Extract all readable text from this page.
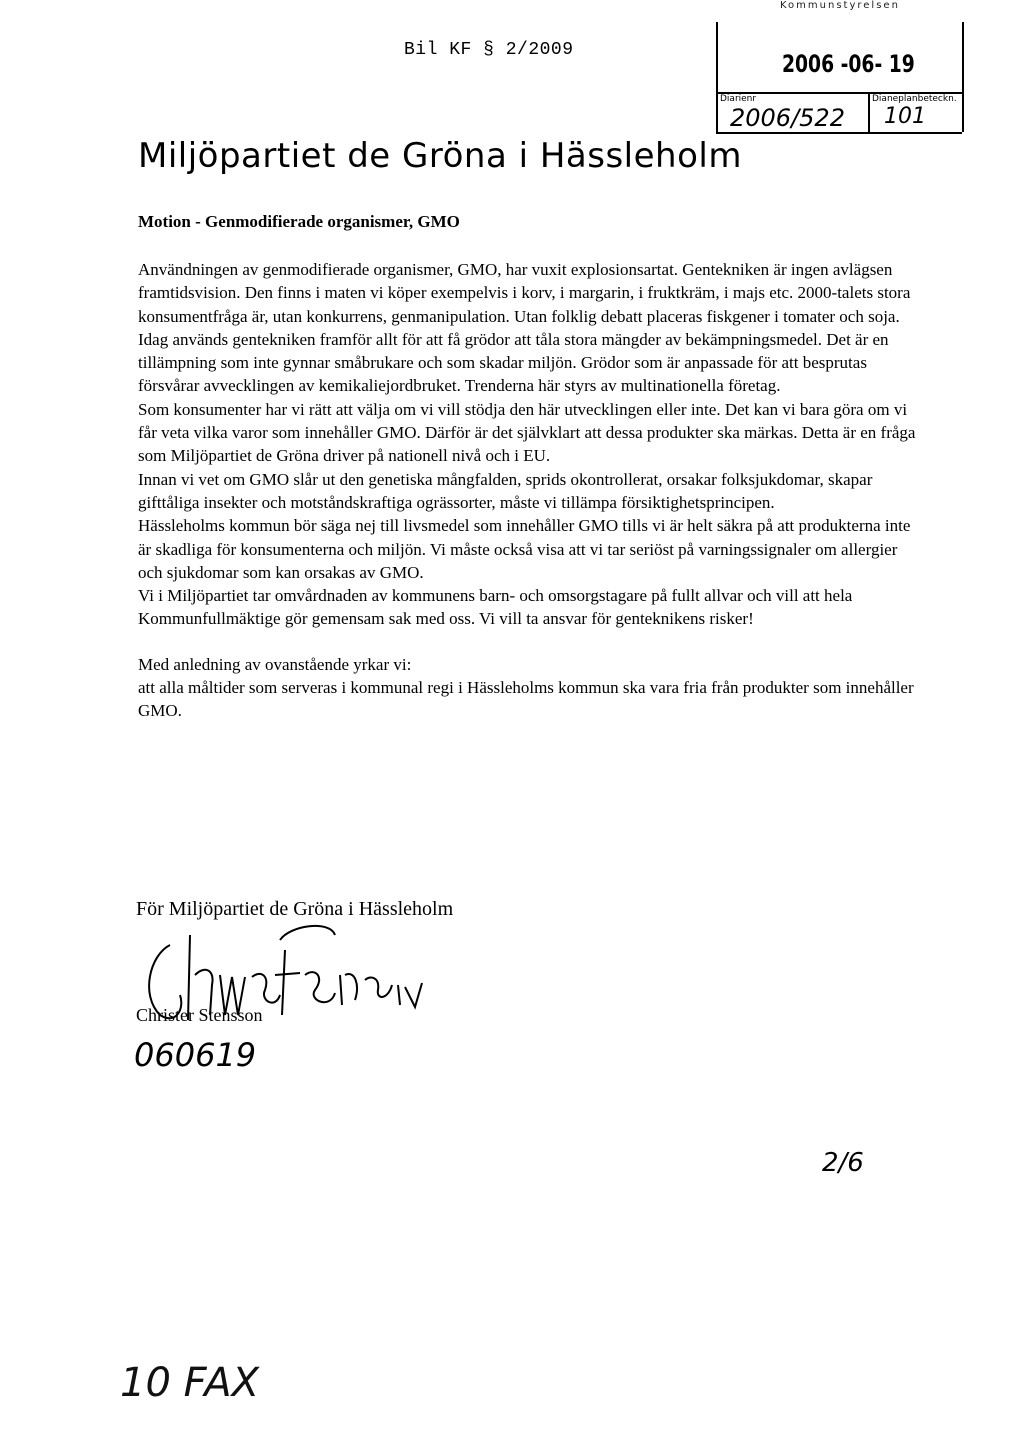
Bil KF § 2/2009
Kommunstyrelsen
2006 -06- 19
Diarienr	Dianeplanbeteckn.
2006/522 101
Miljöpartiet de Gröna i Hässleholm
Motion - Genmodifierade organismer, GMO

Användningen av genmodifierade organismer, GMO, har vuxit explosionsartat. Gentekniken är ingen avlägsen framtidsvision. Den finns i maten vi köper exempelvis i korv, i margarin, i fruktkräm, i majs etc. 2000-talets stora konsumentfråga är, utan konkurrens, genmanipulation. Utan folklig debatt placeras fiskgener i tomater och soja.

Idag används gentekniken framför allt för att få grödor att tåla stora mängder av bekämpningsmedel. Det är en tillämpning som inte gynnar småbrukare och som skadar miljön. Grödor som är anpassade för att besprutas försvårar avvecklingen av kemikaliejordbruket. Trenderna här styrs av multinationella företag.

Som konsumenter har vi rätt att välja om vi vill stödja den här utvecklingen eller inte. Det kan vi bara göra om vi får veta vilka varor som innehåller GMO. Därför är det självklart att dessa produkter ska märkas. Detta är en fråga som Miljöpartiet de Gröna driver på nationell nivå och i EU.

Innan vi vet om GMO slår ut den genetiska mångfalden, sprids okontrollerat, orsakar folksjukdomar, skapar gifttåliga insekter och motståndskraftiga ogrässorter, måste vi tillämpa försiktighetsprincipen.

Hässleholms kommun bör säga nej till livsmedel som innehåller GMO tills vi är helt säkra på att produkterna inte är skadliga för konsumenterna och miljön. Vi måste också visa att vi tar seriöst på varningssignaler om allergier och sjukdomar som kan orsakas av GMO.

Vi i Miljöpartiet tar omvårdnaden av kommunens barn- och omsorgstagare på fullt allvar och vill att hela Kommunfullmäktige gör gemensam sak med oss. Vi vill ta ansvar för genteknikens risker!

Med anledning av ovanstående yrkar vi:

att alla måltider som serveras i kommunal regi i Hässleholms kommun ska vara fria från produkter som innehåller GMO.

För Miljöpartiet de Gröna i Hässleholm
Christer Stensson
060619
2/6
10 FAX
